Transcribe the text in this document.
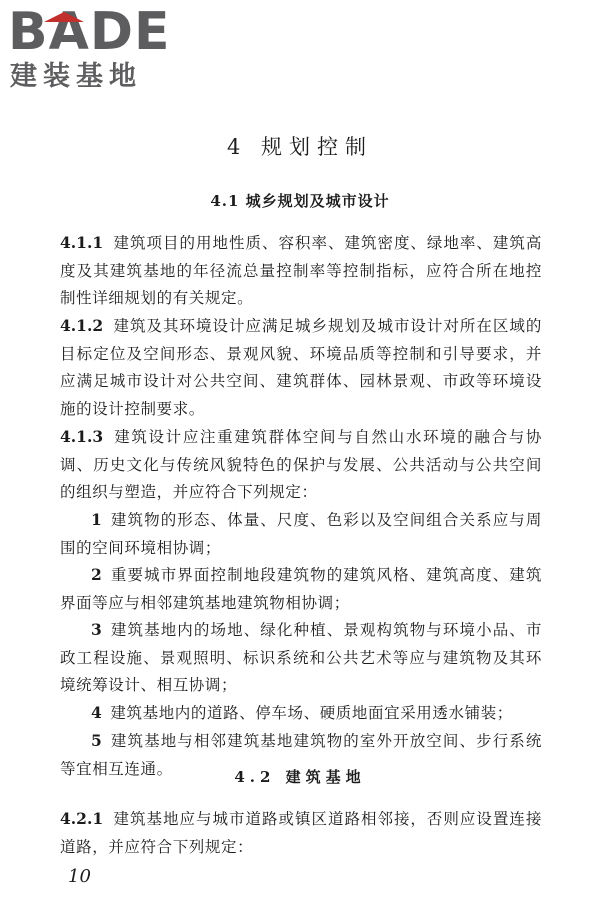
BADE
建装基地
4 规划控制
4.1 城乡规划及城市设计

4.1.1 建筑项目的用地性质、容积率、建筑密度、绿地率、建筑高度及其建筑基地的年径流总量控制率等控制指标，应符合所在地控制性详细规划的有关规定。

4.1.2 建筑及其环境设计应满足城乡规划及城市设计对所在区域的目标定位及空间形态、景观风貌、环境品质等控制和引导要求，并应满足城市设计对公共空间、建筑群体、园林景观、市政等环境设施的设计控制要求。

4.1.3 建筑设计应注重建筑群体空间与自然山水环境的融合与协调、历史文化与传统风貌特色的保护与发展、公共活动与公共空间的组织与塑造，并应符合下列规定：

1 建筑物的形态、体量、尺度、色彩以及空间组合关系应与周围的空间环境相协调；

2 重要城市界面控制地段建筑物的建筑风格、建筑高度、建筑界面等应与相邻建筑基地建筑物相协调；

3 建筑基地内的场地、绿化种植、景观构筑物与环境小品、市政工程设施、景观照明、标识系统和公共艺术等应与建筑物及其环境统筹设计、相互协调；

4 建筑基地内的道路、停车场、硬质地面宜采用透水铺装；

5 建筑基地与相邻建筑基地建筑物的室外开放空间、步行系统等宜相互连通。	4.2 建筑基地

4.2.1 建筑基地应与城市道路或镇区道路相邻接，否则应设置连接道路，并应符合下列规定：

10
